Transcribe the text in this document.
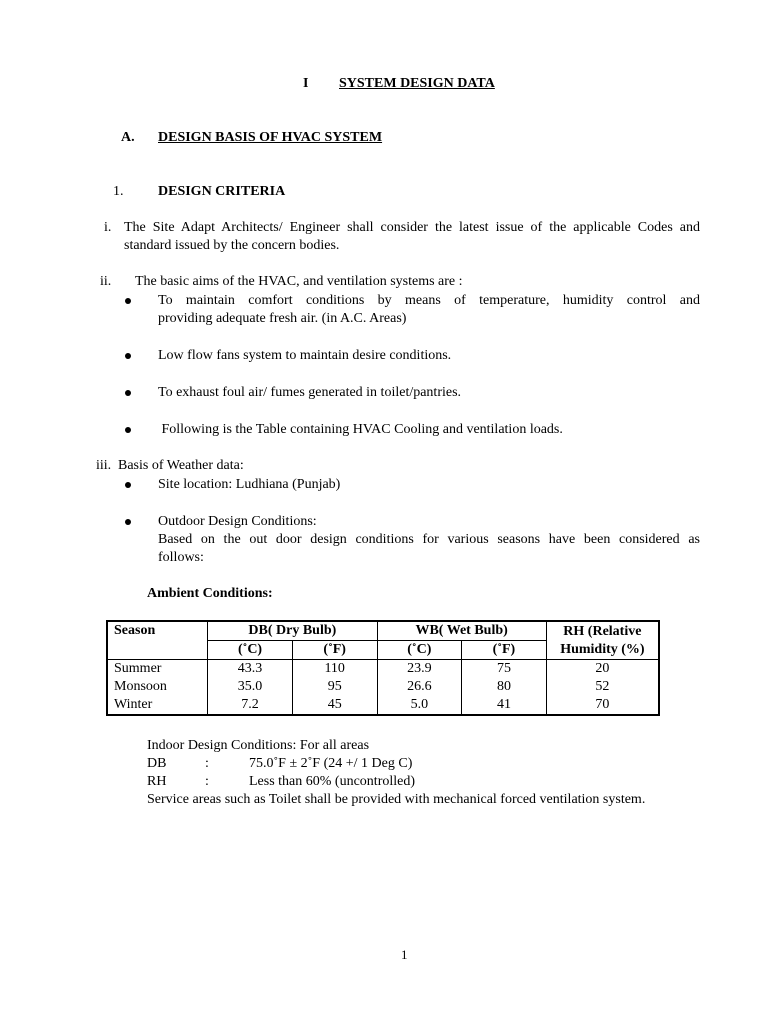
I SYSTEM DESIGN DATA
A. DESIGN BASIS OF HVAC SYSTEM
1. DESIGN CRITERIA
i. The Site Adapt Architects/ Engineer shall consider the latest issue of the applicable Codes and
standard issued by the concern bodies.
ii. The basic aims of the HVAC, and ventilation systems are :
To maintain comfort conditions by means of temperature, humidity control and
providing adequate fresh air. (in A.C. Areas)
Low flow fans system to maintain desire conditions.
To exhaust foul air/ fumes generated in toilet/pantries.
Following is the Table containing HVAC Cooling and ventilation loads.
iii. Basis of Weather data:
Site location: Ludhiana (Punjab)
Outdoor Design Conditions:
Based on the out door design conditions for various seasons have been considered as
follows:
Ambient Conditions:
Season	DB( Dry Bulb)		WB( Wet Bulb)		RH (Relative
Humidity (%)

	(˚C)	(˚F)	(˚C)	(˚F)	
Summer	43.3	110	23.9	75	20
Monsoon	35.0	95	26.6	80	52
Winter	7.2	45	5.0	41	70
Indoor Design Conditions: For all areas
DB	:	75.0˚F ± 2˚F (24 +/ 1 Deg C)
RH	:	Less than 60% (uncontrolled)
Service areas such as Toilet shall be provided with mechanical forced ventilation system.
1
